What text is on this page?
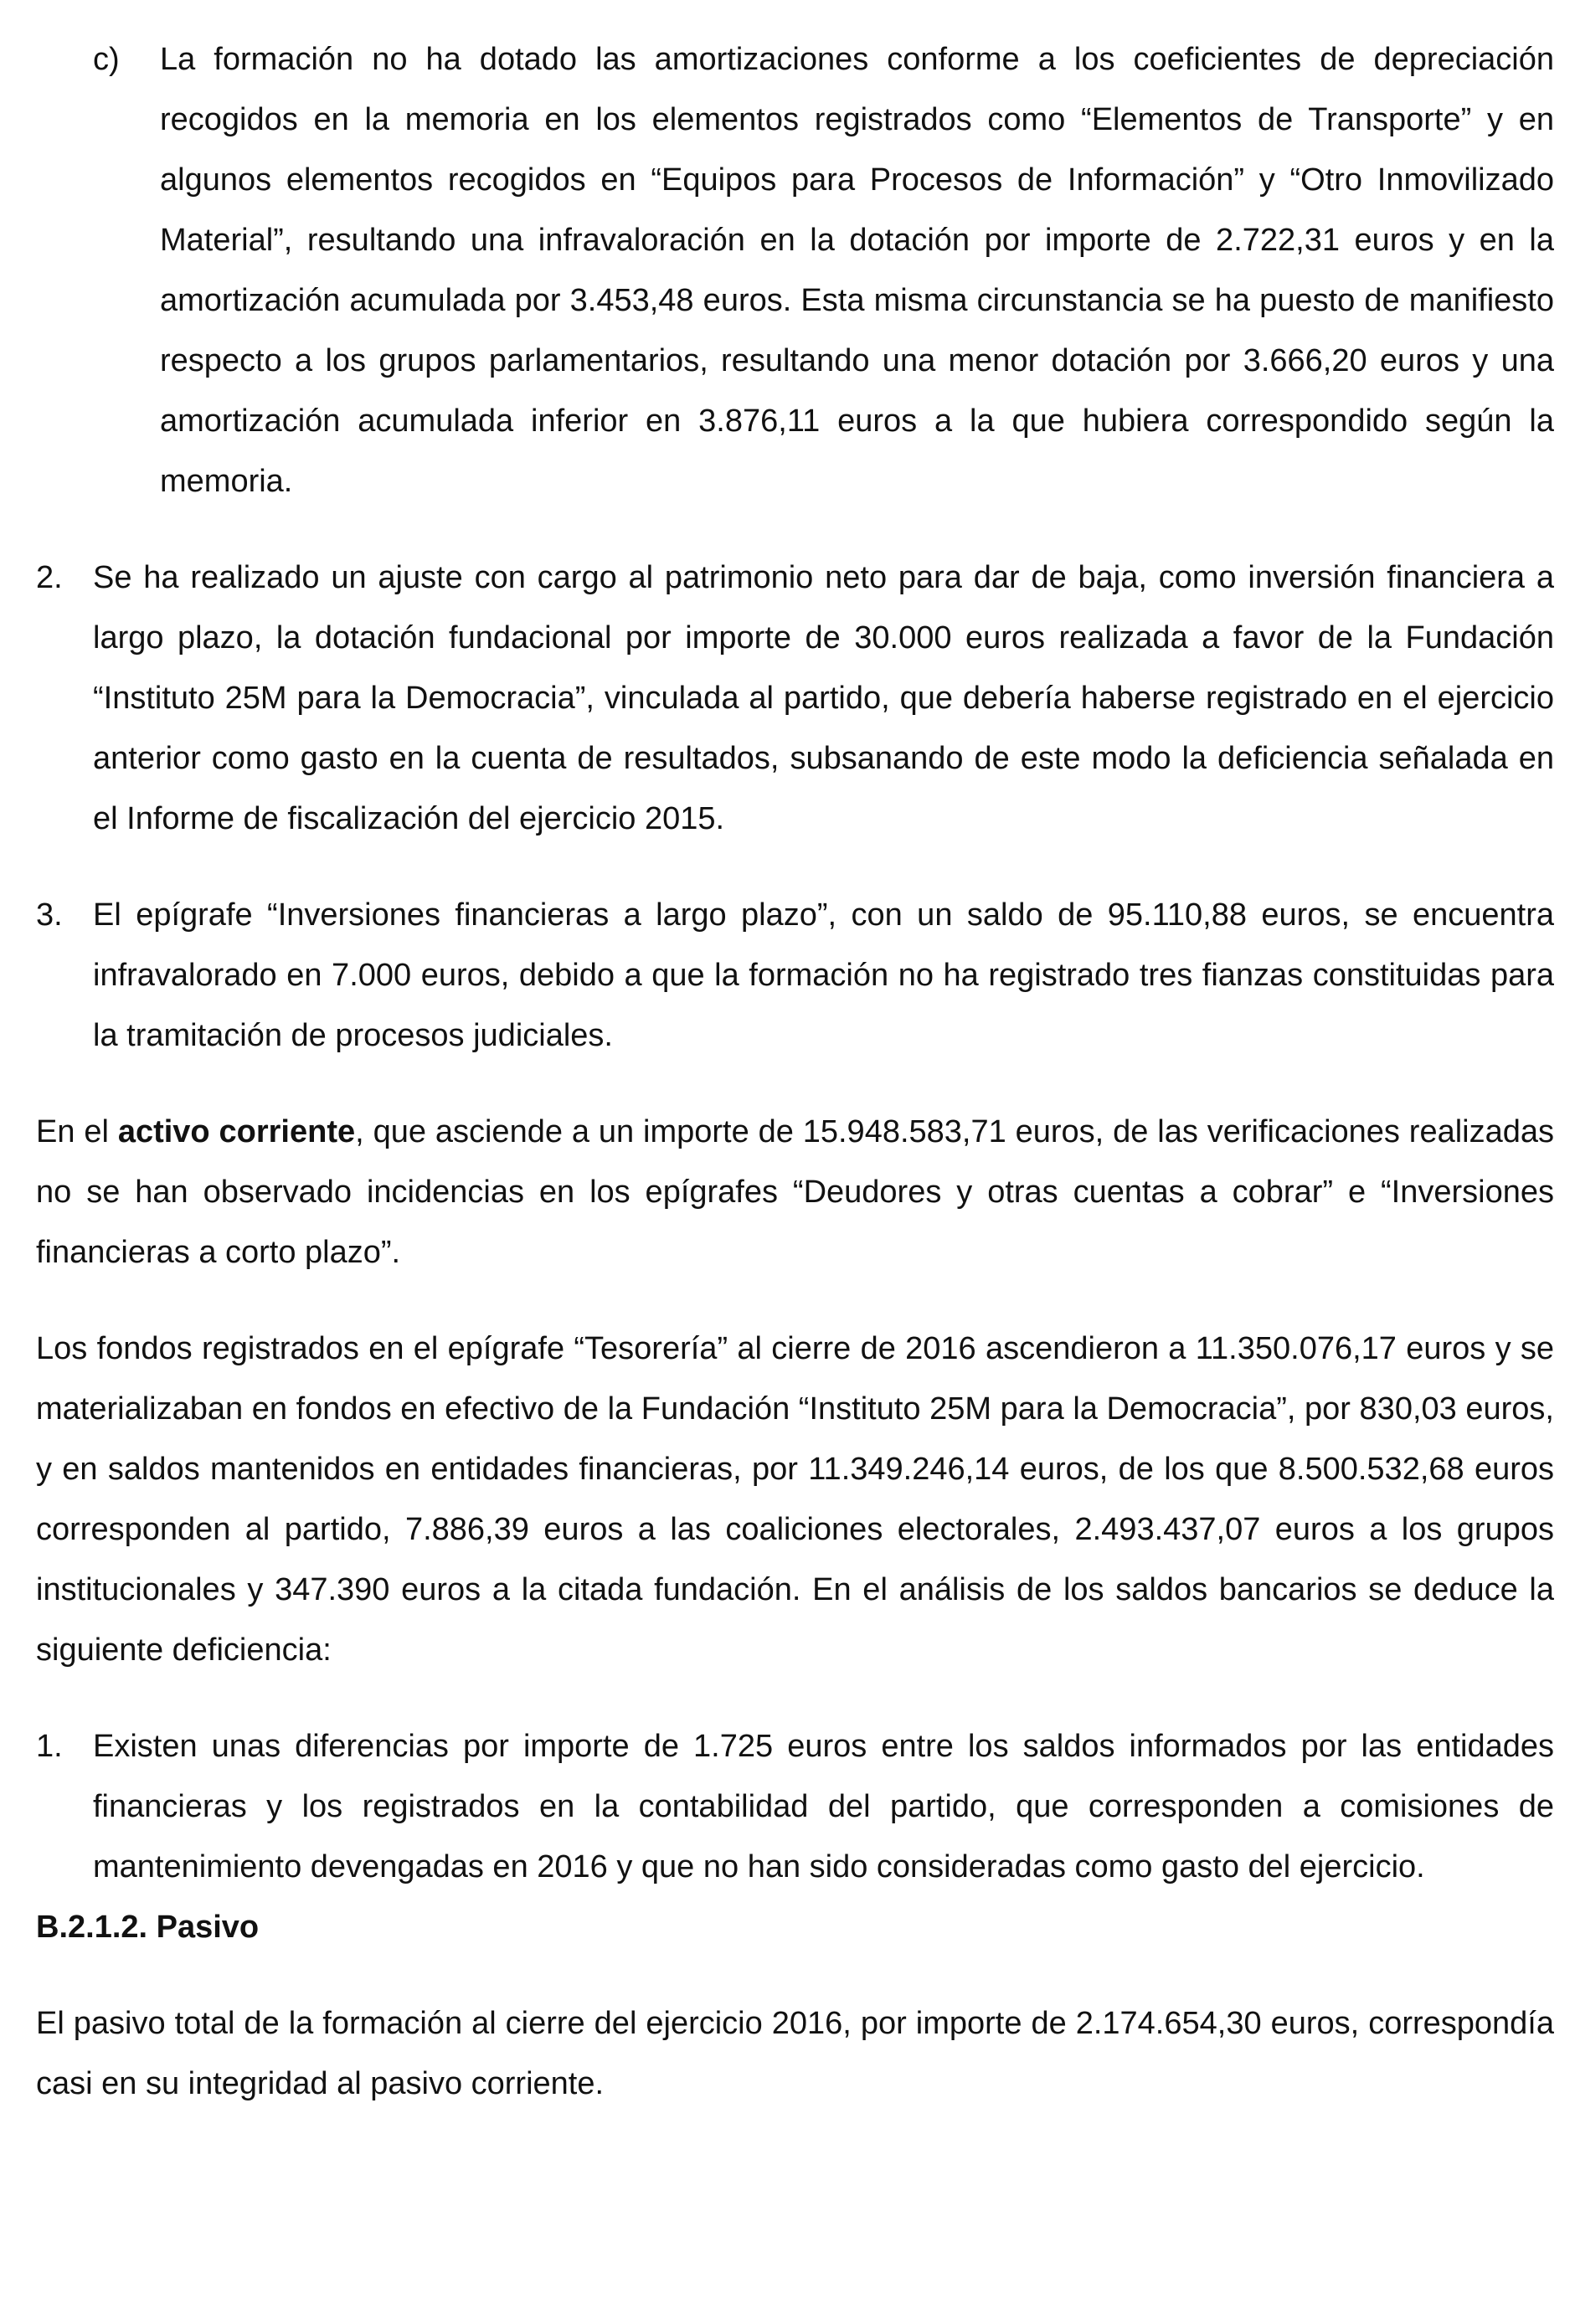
c)	La formación no ha dotado las amortizaciones conforme a los coeficientes de depreciación recogidos en la memoria en los elementos registrados como “Elementos de Transporte” y en algunos elementos recogidos en “Equipos para Procesos de Información” y “Otro Inmovilizado Material”, resultando una infravaloración en la dotación por importe de 2.722,31 euros y en la amortización acumulada por 3.453,48 euros. Esta misma circunstancia se ha puesto de manifiesto respecto a los grupos parlamentarios, resultando una menor dotación por 3.666,20 euros y una amortización acumulada inferior en 3.876,11 euros a la que hubiera correspondido según la memoria.
2. Se ha realizado un ajuste con cargo al patrimonio neto para dar de baja, como inversión financiera a largo plazo, la dotación fundacional por importe de 30.000 euros realizada a favor de la Fundación “Instituto 25M para la Democracia”, vinculada al partido, que debería haberse registrado en el ejercicio anterior como gasto en la cuenta de resultados, subsanando de este modo la deficiencia señalada en el Informe de fiscalización del ejercicio 2015.
3. El epígrafe “Inversiones financieras a largo plazo”, con un saldo de 95.110,88 euros, se encuentra infravalorado en 7.000 euros, debido a que la formación no ha registrado tres fianzas constituidas para la tramitación de procesos judiciales.

En el activo corriente, que asciende a un importe de 15.948.583,71 euros, de las verificaciones realizadas no se han observado incidencias en los epígrafes “Deudores y otras cuentas a cobrar” e “Inversiones financieras a corto plazo”.

Los fondos registrados en el epígrafe “Tesorería” al cierre de 2016 ascendieron a 11.350.076,17 euros y se materializaban en fondos en efectivo de la Fundación “Instituto 25M para la Democracia”, por 830,03 euros, y en saldos mantenidos en entidades financieras, por 11.349.246,14 euros, de los que 8.500.532,68 euros corresponden al partido, 7.886,39 euros a las coaliciones electorales, 2.493.437,07 euros a los grupos institucionales y 347.390 euros a la citada fundación. En el análisis de los saldos bancarios se deduce la siguiente deficiencia:

1. Existen unas diferencias por importe de 1.725 euros entre los saldos informados por las entidades financieras y los registrados en la contabilidad del partido, que corresponden a comisiones de mantenimiento devengadas en 2016 y que no han sido consideradas como gasto del ejercicio.

B.2.1.2. Pasivo

El pasivo total de la formación al cierre del ejercicio 2016, por importe de 2.174.654,30 euros, correspondía casi en su integridad al pasivo corriente.
